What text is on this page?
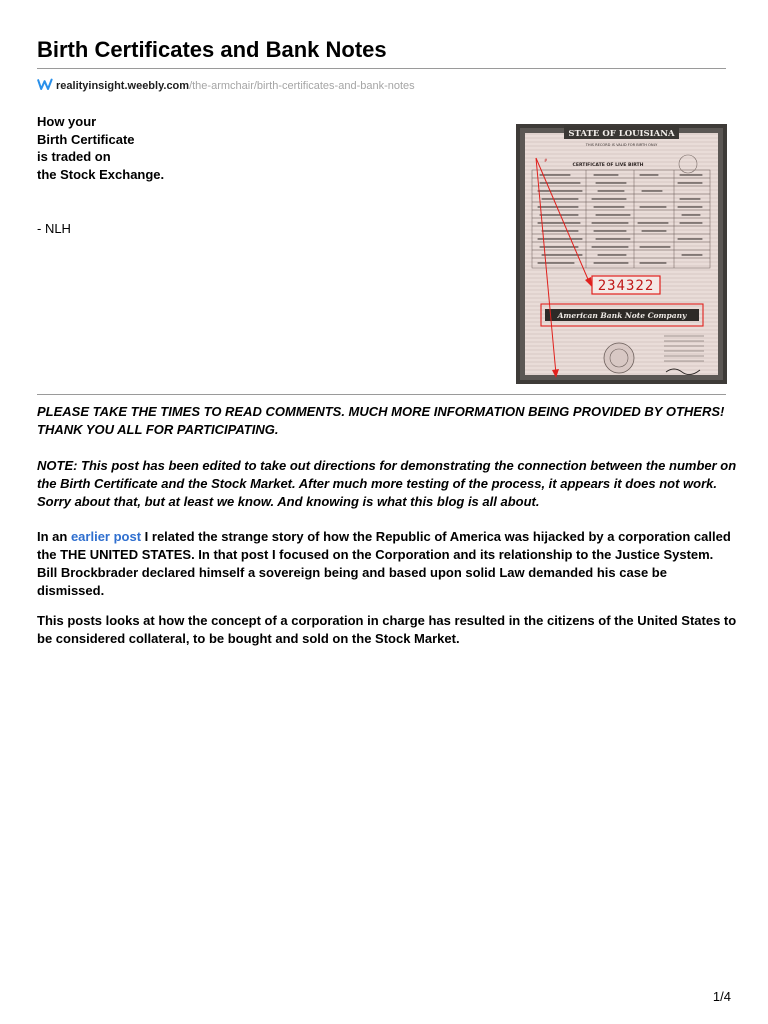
Birth Certificates and Bank Notes
realityinsight.weebly.com/the-armchair/birth-certificates-and-bank-notes
How your
Birth Certificate
is traded on
the Stock Exchange.
- NLH
STATE OF LOUISIANA
THIS RECORD IS VALID FOR BIRTH ONLY
CERTIFICATE OF LIVE BIRTH
#
234322
American Bank Note Company

PLEASE TAKE THE TIMES TO READ COMMENTS. MUCH MORE INFORMATION BEING PROVIDED BY OTHERS! THANK YOU ALL FOR PARTICIPATING.

NOTE: This post has been edited to take out directions for demonstrating the connection between the number on the Birth Certificate and the Stock Market. After much more testing of the process, it appears it does not work. Sorry about that, but at least we know. And knowing is what this blog is all about.

In an earlier post I related the strange story of how the Republic of America was hijacked by a corporation called the THE UNITED STATES. In that post I focused on the Corporation and its relationship to the Justice System. Bill Brockbrader declared himself a sovereign being and based upon solid Law demanded his case be dismissed.

This posts looks at how the concept of a corporation in charge has resulted in the citizens of the United States to be considered collateral, to be bought and sold on the Stock Market.

1/4
